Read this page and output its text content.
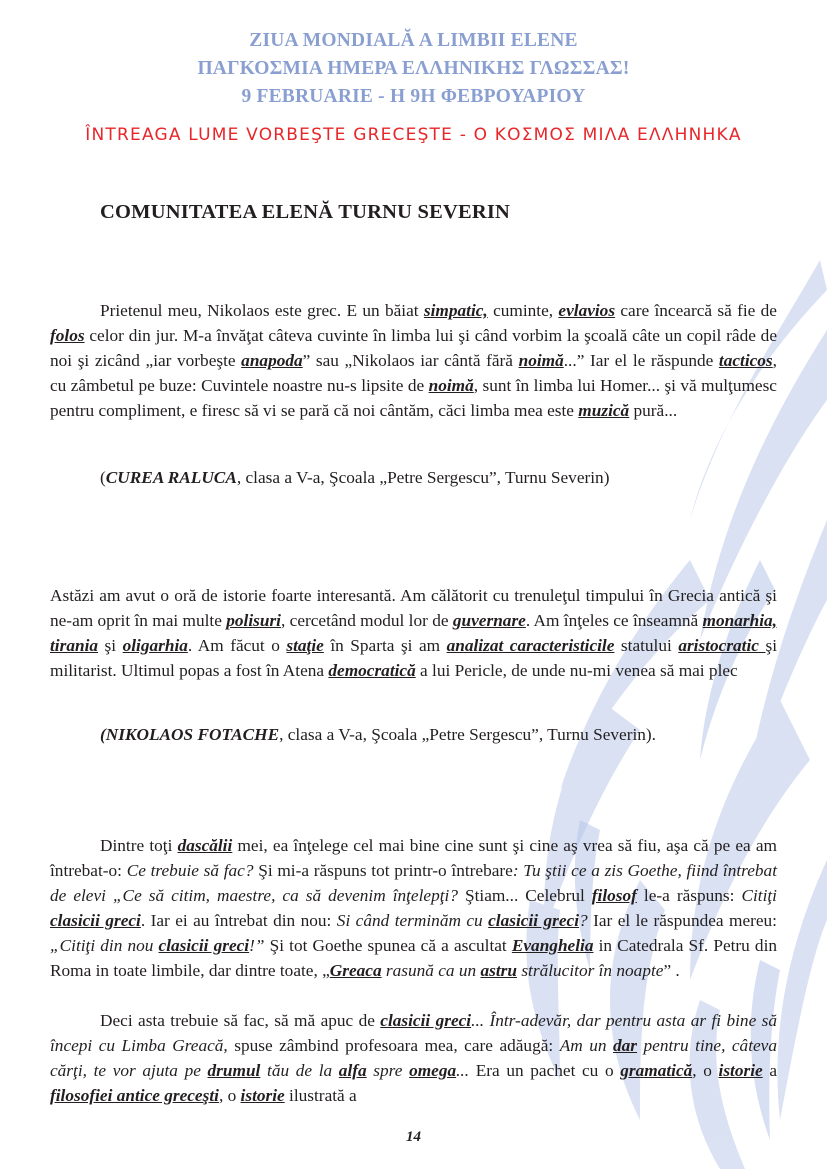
ZIUA MONDIALĂ A LIMBII ELENE
ΠΑΓΚΟΣΜΙΑ ΗΜΕΡΑ ΕΛΛΗΝΙΚΗΣ ΓΛΩΣΣΑΣ!
9 FEBRUARIE - Η 9Η ΦΕΒΡΟΥΑΡΙΟΥ
ÎNTREAGA LUME VORBEŞTE GRECEŞTE - Ο ΚΟΣΜΟΣ ΜΙΛΑ ΕΛΛΗΝΗΚΑ
COMUNITATEA ELENĂ TURNU SEVERIN

Prietenul meu, Nikolaos este grec. E un băiat simpatic, cuminte, evlavios care încearcă să fie de folos celor din jur. M-a învăţat câteva cuvinte în limba lui şi când vorbim la şcoală câte un copil râde de noi şi zicând „iar vorbeşte anapoda” sau „Nikolaos iar cântă fără noimă...” Iar el le răspunde tacticos, cu zâmbetul pe buze: Cuvintele noastre nu-s lipsite de noimă, sunt în limba lui Homer... şi vă mulţumesc pentru compliment, e firesc să vi se pară că noi cântăm, căci limba mea este muzică pură...

(CUREA RALUCA, clasa a V-a, Şcoala „Petre Sergescu”, Turnu Severin)

Astăzi am avut o oră de istorie foarte interesantă. Am călătorit cu trenuleţul timpului în Grecia antică şi ne-am oprit în mai multe polisuri, cercetând modul lor de guvernare. Am înţeles ce înseamnă monarhia, tirania şi oligarhia. Am făcut o staţie în Sparta şi am analizat caracteristicile statului aristocratic şi militarist. Ultimul popas a fost în Atena democratică a lui Pericle, de unde nu-mi venea să mai plec

(NIKOLAOS FOTACHE, clasa a V-a, Şcoala „Petre Sergescu”, Turnu Severin).

Dintre toţi dascălii mei, ea înţelege cel mai bine cine sunt şi cine aş vrea să fiu, aşa că pe ea am întrebat-o: Ce trebuie să fac? Şi mi-a răspuns tot printr-o întrebare: Tu ştii ce a zis Goethe, fiind întrebat de elevi „Ce să citim, maestre, ca să devenim înţelepţi? Ştiam... Celebrul filosof le-a răspuns: Citiţi clasicii greci. Iar ei au întrebat din nou: Si când terminăm cu clasicii greci? Iar el le răspundea mereu: „Citiţi din nou clasicii greci!” Şi tot Goethe spunea că a ascultat Evanghelia in Catedrala Sf. Petru din Roma in toate limbile, dar dintre toate, „Greaca rasună ca un astru strălucitor în noapte” .

Deci asta trebuie să fac, să mă apuc de clasicii greci... Într-adevăr, dar pentru asta ar fi bine să începi cu Limba Greacă, spuse zâmbind profesoara mea, care adăugă: Am un dar pentru tine, câteva cărţi, te vor ajuta pe drumul tău de la alfa spre omega... Era un pachet cu o gramatică, o istorie a filosofiei antice greceşti, o istorie ilustrată a

14
